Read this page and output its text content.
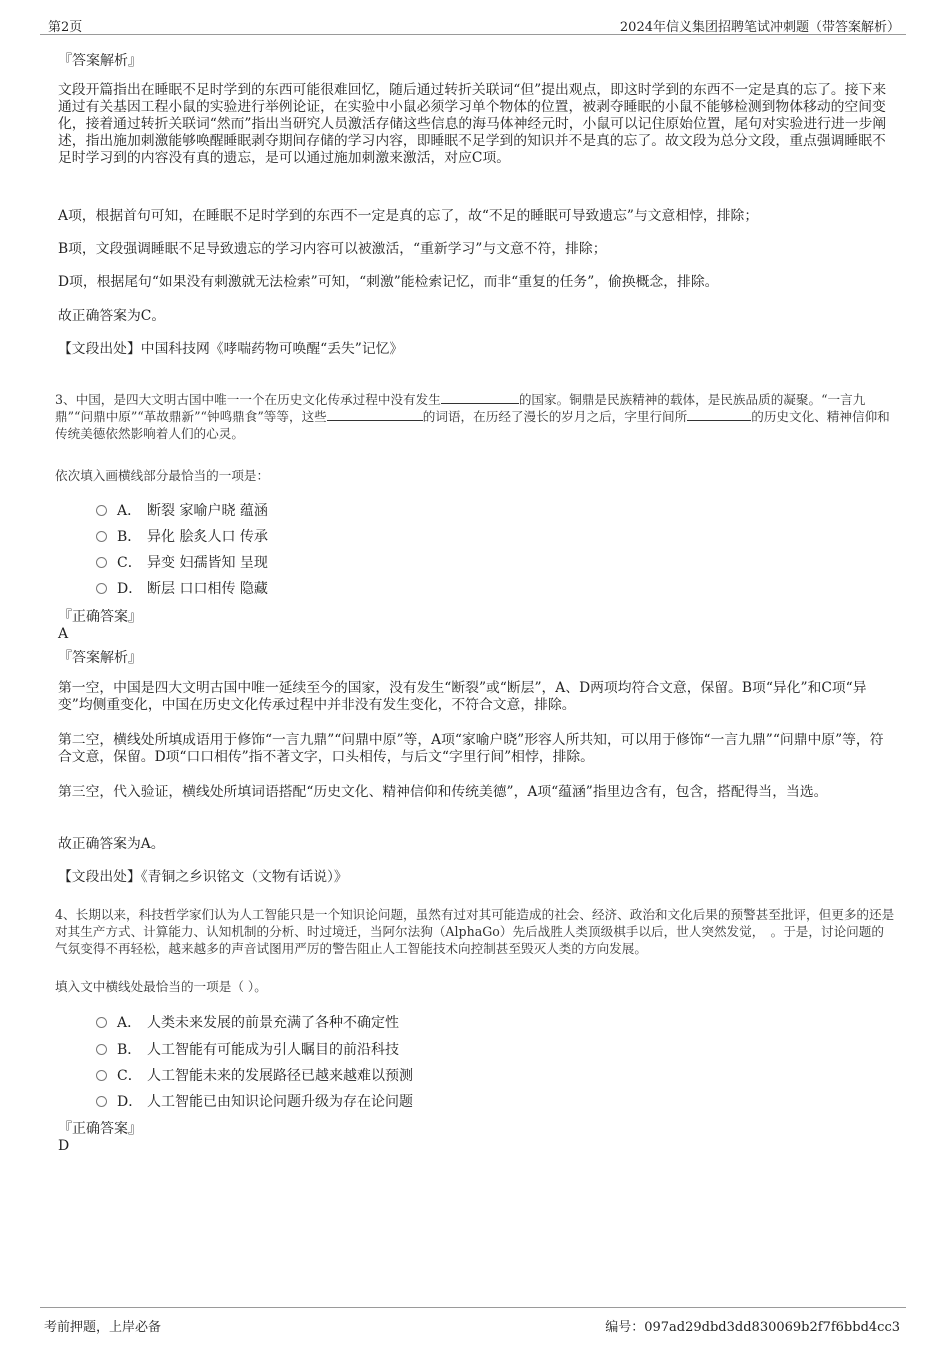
第2页	2024年信义集团招聘笔试冲刺题（带答案解析）
『答案解析』
文段开篇指出在睡眠不足时学到的东西可能很难回忆，随后通过转折关联词“但”提出观点，即这时学到的东西不一定是真的忘了。接下来通过有关基因工程小鼠的实验进行举例论证，在实验中小鼠必须学习单个物体的位置，被剥夺睡眠的小鼠不能够检测到物体移动的空间变化，接着通过转折关联词“然而”指出当研究人员激活存储这些信息的海马体神经元时，小鼠可以记住原始位置，尾句对实验进行进一步阐述，指出施加刺激能够唤醒睡眠剥夺期间存储的学习内容，即睡眠不足学到的知识并不是真的忘了。故文段为总分文段，重点强调睡眠不足时学习到的内容没有真的遗忘，是可以通过施加刺激来激活，对应C项。
A项，根据首句可知，在睡眠不足时学到的东西不一定是真的忘了，故“不足的睡眠可导致遗忘”与文意相悖，排除；
B项，文段强调睡眠不足导致遗忘的学习内容可以被激活，“重新学习”与文意不符，排除；
D项，根据尾句“如果没有刺激就无法检索”可知，“刺激”能检索记忆，而非“重复的任务”，偷换概念，排除。
故正确答案为C。
【文段出处】中国科技网《哮喘药物可唤醒“丢失”记忆》
3、中国，是四大文明古国中唯一一个在历史文化传承过程中没有发生	的国家。铜鼎是民族精神的载体，是民族品质的凝聚。“一言九鼎”“问鼎中原”“革故鼎新”“钟鸣鼎食”等等，这些	的词语，在历经了漫长的岁月之后，字里行间所	的历史文化、精神信仰和传统美德依然影响着人们的心灵。
依次填入画横线部分最恰当的一项是：
A． 断裂 家喻户晓 蕴涵
B． 异化 脍炙人口 传承
C． 异变 妇孺皆知 呈现
D． 断层 口口相传 隐藏
『正确答案』
A
『答案解析』
第一空，中国是四大文明古国中唯一延续至今的国家，没有发生“断裂”或“断层”，A、D两项均符合文意，保留。B项“异化”和C项“异变”均侧重变化，中国在历史文化传承过程中并非没有发生变化，不符合文意，排除。
第二空，横线处所填成语用于修饰“一言九鼎”“问鼎中原”等，A项“家喻户晓”形容人所共知，可以用于修饰“一言九鼎”“问鼎中原”等，符合文意，保留。D项“口口相传”指不著文字，口头相传，与后文“字里行间”相悖，排除。
第三空，代入验证，横线处所填词语搭配“历史文化、精神信仰和传统美德”，A项“蕴涵”指里边含有，包含，搭配得当，当选。
故正确答案为A。
【文段出处】《青铜之乡识铭文（文物有话说）》
4、长期以来，科技哲学家们认为人工智能只是一个知识论问题，虽然有过对其可能造成的社会、经济、政治和文化后果的预警甚至批评，但更多的还是对其生产方式、计算能力、认知机制的分析、时过境迁，当阿尔法狗（AlphaGo）先后战胜人类顶级棋手以后，世人突然发觉，　。于是，讨论问题的气氛变得不再轻松，越来越多的声音试图用严厉的警告阻止人工智能技术向控制甚至毁灭人类的方向发展。
填入文中横线处最恰当的一项是（ ）。
A． 人类未来发展的前景充满了各种不确定性
B． 人工智能有可能成为引人瞩目的前沿科技
C． 人工智能未来的发展路径已越来越难以预测
D． 人工智能已由知识论问题升级为存在论问题
『正确答案』
D
考前押题，上岸必备	编号：097ad29dbd3dd830069b2f7f6bbd4cc3
